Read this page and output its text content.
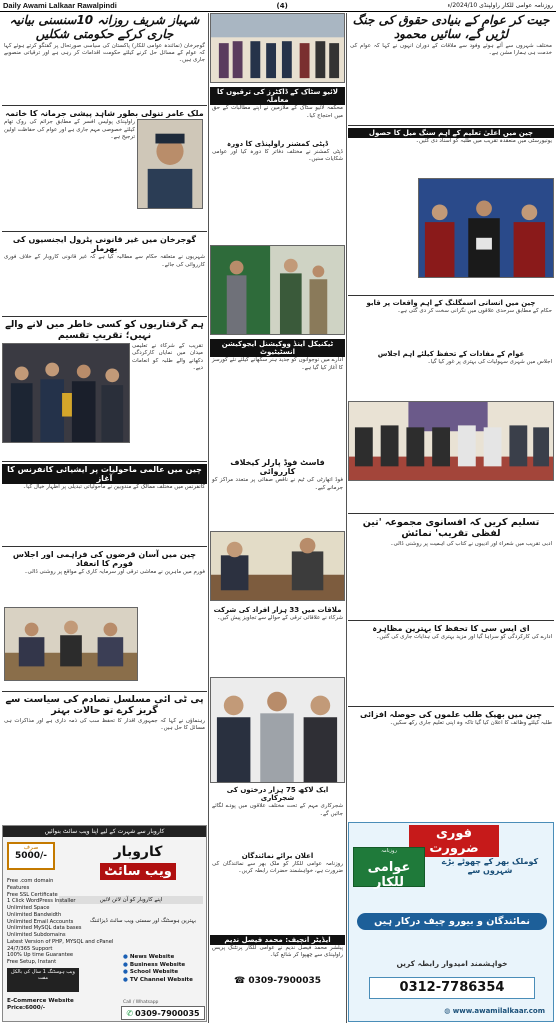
Daily Awami Lalkaar Rawalpindi	(4)	روزنامہ عوامی للکار راولپنڈی 2024/10/ء
شہباز شریف روزانہ 10سنسنی بیانیہ جاری کرکے حکومتی شکلیں
گوجرخان (نمائندہ عوامی للکار) پاکستان کی سیاسی صورتحال پر گفتگو کرتے ہوئے کہا کہ عوام کے مسائل حل کرنے کیلئے حکومت اقدامات کر رہی ہے اور ترقیاتی منصوبے جاری ہیں۔
ملک عامر تنولی بطور شاہد پیشی جرمانہ کا خاتمہ
راولپنڈی پولیس افسر کے مطابق جرائم کی روک تھام کیلئے خصوصی مہم جاری ہے اور عوام کی حفاظت اولین ترجیح ہے۔
گوجرخان میں غیر قانونی پٹرول ایجنسیوں کی بھرمار
شہریوں نے متعلقہ حکام سے مطالبہ کیا ہے کہ غیر قانونی کاروبار کے خلاف فوری کارروائی کی جائے۔
ہم گرفتاریوں کو کسی خاطر میں لانے والے نہیں؛ تقریبِ تقسیم
تقریب کے شرکاء نے تعلیمی میدان میں نمایاں کارکردگی دکھانے والے طلبہ کو انعامات دیے۔
چین میں عالمی ماحولیات پر ایشیائی کانفرنس کا آغاز
کانفرنس میں مختلف ممالک کے مندوبین نے ماحولیاتی تبدیلی پر اظہار خیال کیا۔
چین میں آسان قرضوں کی فراہمی اور اجلاس فورم کا انعقاد
فورم میں ماہرین نے معاشی ترقی اور سرمایہ کاری کے مواقع پر روشنی ڈالی۔
پی ٹی آئی مسلسل تصادم کی سیاست سے گریز کرے تو حالات بہتر
رہنماؤں نے کہا کہ جمہوری اقدار کا تحفظ سب کی ذمہ داری ہے اور مذاکرات ہی مسائل کا حل ہیں۔
لائیو سٹاک کے ڈاکٹرز کی ترقیوں کا معاملہ
محکمہ لائیو سٹاک کے ملازمین نے اپنے مطالبات کے حق میں احتجاج کیا۔
ڈپٹی کمشنر راولپنڈی کا دورہ
ڈپٹی کمشنر نے مختلف دفاتر کا دورہ کیا اور عوامی شکایات سنیں۔
ٹیکنیکل اینڈ ووکیشنل ایجوکیشن انسٹیٹیوٹ
ادارے میں نوجوانوں کو جدید ہنر سکھانے کیلئے نئے کورسز کا آغاز کیا گیا ہے۔
فاسٹ فوڈ پارلر کیخلاف کارروائی
فوڈ اتھارٹی کی ٹیم نے ناقص صفائی پر متعدد مراکز کو جرمانے کیے۔
ملاقات میں 33 ہزار افراد کی شرکت
شرکاء نے علاقائی ترقی کے حوالے سے تجاویز پیش کیں۔
ایک لاکھ 75 ہزار درختوں کی شجرکاری
شجرکاری مہم کے تحت مختلف علاقوں میں پودے لگائے جائیں گے۔
اعلان برائے نمائندگان
روزنامہ عوامی للکار کو ملک بھر سے نمائندگان کی ضرورت ہے، خواہشمند حضرات رابطہ کریں۔
ایڈیٹر انچیف: محمد فیصل ندیم
پبلشر محمد فیصل ندیم نے عوامی للکار پرنٹنگ پریس راولپنڈی سے چھپوا کر شائع کیا۔
☎ 0309-7900035
جیت کر عوام کے بنیادی حقوق کی جنگ لڑیں گے، سائیں محمود
مختلف شہروں سے آئے ہوئے وفود سے ملاقات کے دوران انہوں نے کہا کہ عوام کی خدمت ہی ہمارا مشن ہے۔
چین میں اعلیٰ تعلیم کے اہم سنگ میل کا حصول
یونیورسٹی میں منعقدہ تقریب میں طلبہ کو اسناد دی گئیں۔
چین میں انسانی اسمگلنگ کے اہم واقعات پر قابو
حکام کے مطابق سرحدی علاقوں میں نگرانی سخت کر دی گئی ہے۔
عوام کے مفادات کے تحفظ کیلئے اہم اجلاس
اجلاس میں شہری سہولیات کی بہتری پر غور کیا گیا۔
تسلیم کریں کہ افسانوی مجموعہ 'تین لفظی تقریب' نمائش
ادبی تقریب میں شعراء اور ادیبوں نے کتاب کی اہمیت پر روشنی ڈالی۔
ای ایس سی کا تحفظ کا بہترین مظاہرہ
ادارے کی کارکردگی کو سراہا گیا اور مزید بہتری کی ہدایات جاری کی گئیں۔
چین میں بھیک طلب علموں کی حوصلہ افزائی
طلبہ کیلئے وظائف کا اعلان کیا گیا تاکہ وہ اپنی تعلیم جاری رکھ سکیں۔
کاروبار سے شہرت کے لیے اپنا ویب سائٹ بنوائیں
صرف
5000/-	کاروبار
ویب سائٹ
اپنے کاروبار کو آن لائن لائیں
Free .com domain
Features
Free SSL Certificate
1 Click WordPress Installer
Unlimited Space
Unlimited Bandwidth
Unlimited Email Accounts
Unlimited MySQL data bases
Unlimited Subdomains
Latest Version of PHP, MYSQL and cPanel
24/7/365 Support
100% Up time Guarantee
Free Setup, Instant
بہترین ہوسٹنگ اور سستی ویب سائٹ ڈیزائننگ
ویب ہوسٹنگ 1 سال کی بالکل مفت
● News Website
● Business Website
● School Website
● TV Channel Website
E-Commerce Website
Price:6000/-
Call / Whatsapp
✆ 0309-7900035
فوری ضرورت
روزنامہ
عوامی للکار
کوملک بھر کے چھوٹے بڑے شہروں سے
نمائندگان و بیورو چیف درکار ہیں
خواہشمند امیدوار رابطہ کریں
0312-7786354
◍ www.awamilalkaar.com
